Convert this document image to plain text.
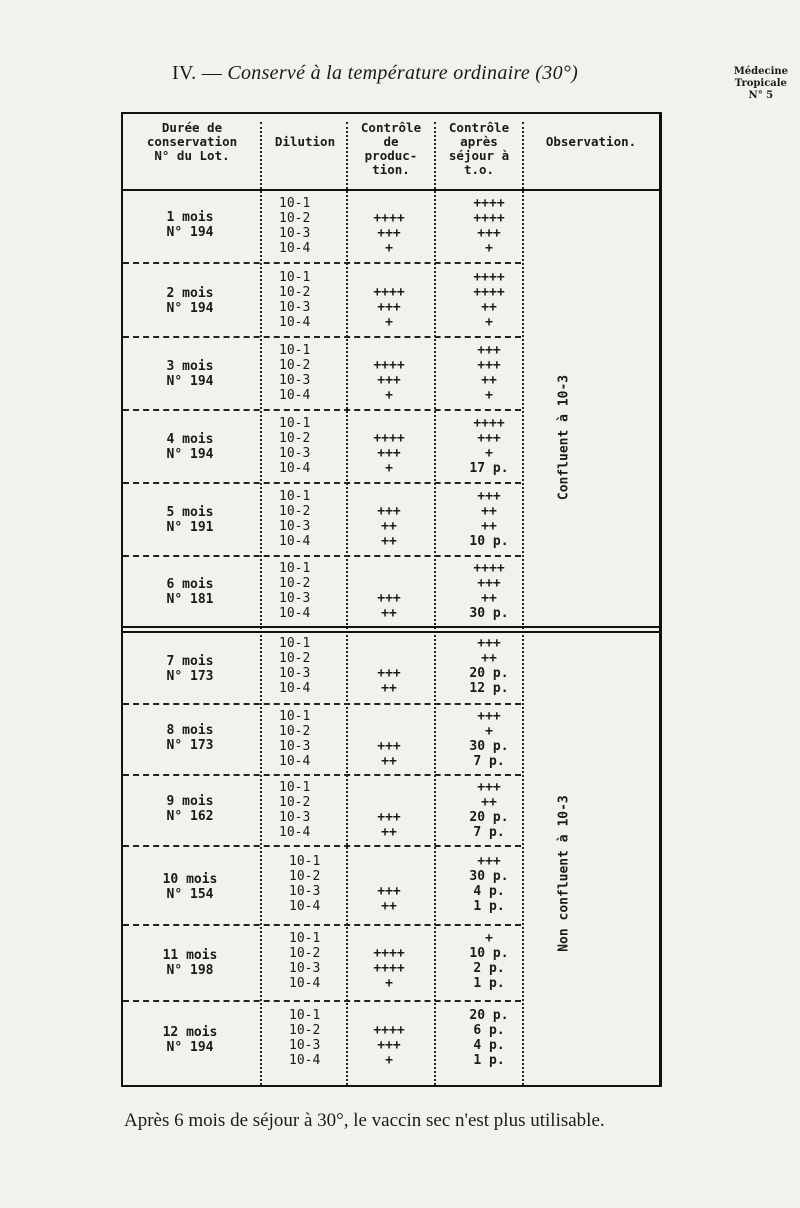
IV. — Conservé à la température ordinaire (30°)	Médecine
Tropicale
N° 5
Durée de
conservation
N° du Lot.
Dilution
Contrôle
de
produc-
tion.
Contrôle
après
séjour à
t.o.
Observation.
1 mois
N° 194
10-1
10-2
10-3
10-4

++++
+++
+
++++
++++
+++
+
2 mois
N° 194
10-1
10-2
10-3
10-4

++++
+++
+
++++
++++
++
+
3 mois
N° 194
10-1
10-2
10-3
10-4

++++
+++
+
+++
+++
++
+
4 mois
N° 194
10-1
10-2
10-3
10-4

++++
+++
+
++++
+++
+
17 p.
5 mois
N° 191
10-1
10-2
10-3
10-4

+++
++
++
+++
++
++
10 p.
6 mois
N° 181
10-1
10-2
10-3
10-4

+++
++
++++
+++
++
30 p.
7 mois
N° 173
10-1
10-2
10-3
10-4

+++
++
+++
++
20 p.
12 p.
8 mois
N° 173
10-1
10-2
10-3
10-4

+++
++
+++
+
30 p.
7 p.
9 mois
N° 162
10-1
10-2
10-3
10-4

+++
++
+++
++
20 p.
7 p.
10 mois
N° 154
10-1
10-2
10-3
10-4

+++
++
+++
30 p.
4 p.
1 p.
11 mois
N° 198
10-1
10-2
10-3
10-4

++++
++++
+
+
10 p.
2 p.
1 p.
12 mois
N° 194
10-1
10-2
10-3
10-4

++++
+++
+
20 p.
6 p.
4 p.
1 p.
Confluent à 10-3
Non confluent à 10-3
Après 6 mois de séjour à 30°, le vaccin sec n'est plus utilisable.
